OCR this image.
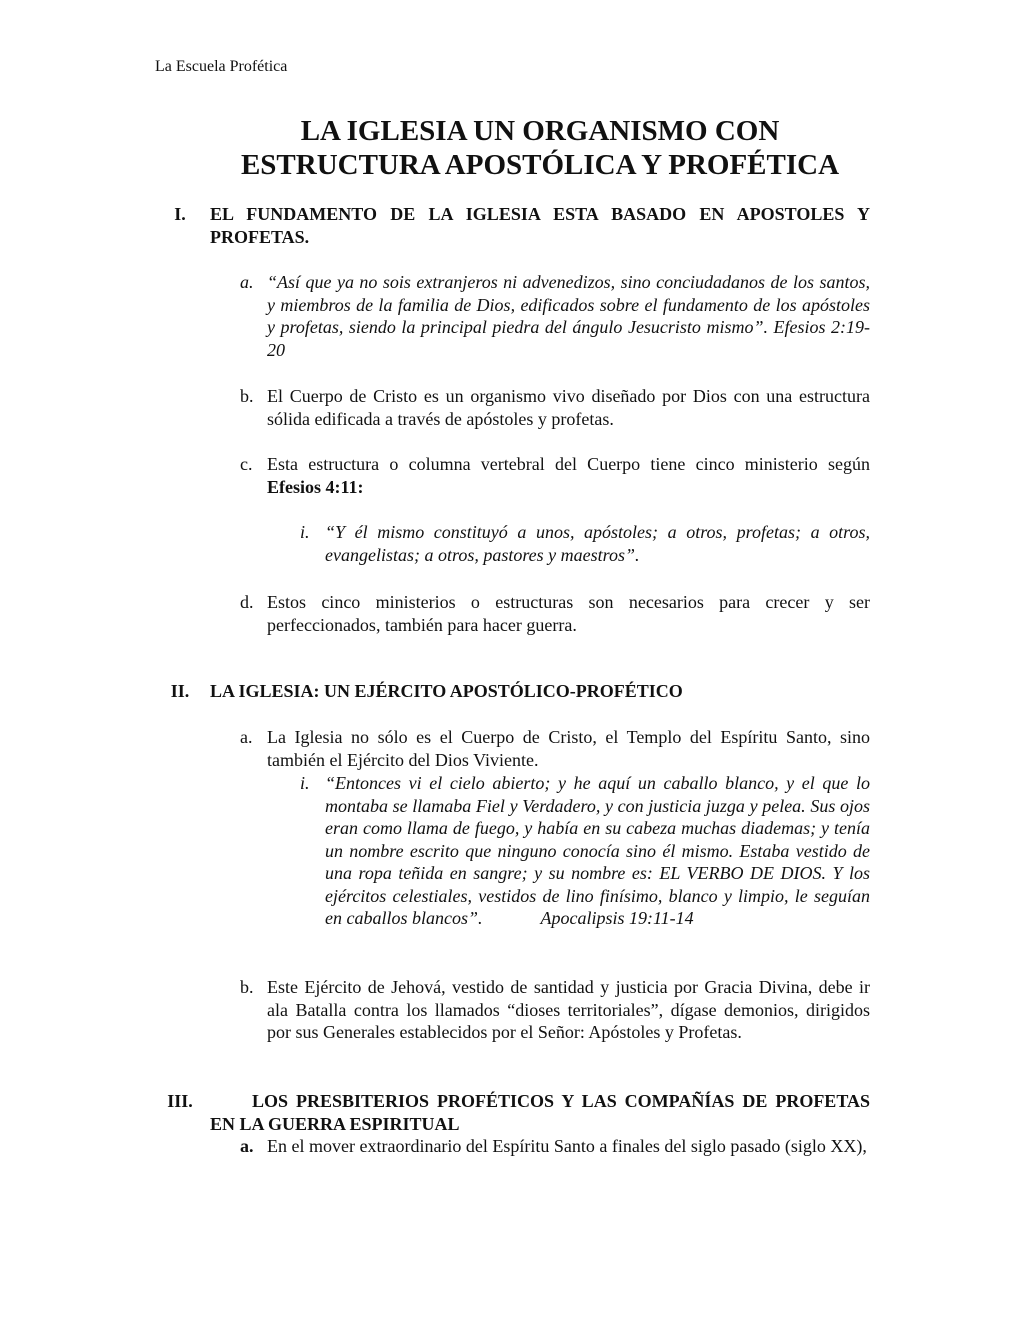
La Escuela Profética
LA IGLESIA UN ORGANISMO CON
ESTRUCTURA APOSTÓLICA Y PROFÉTICA
I.	EL FUNDAMENTO DE LA IGLESIA ESTA BASADO EN APOSTOLES Y PROFETAS.
a. “Así que ya no sois extranjeros ni advenedizos, sino conciudadanos de los santos, y miembros de la familia de Dios, edificados sobre el fundamento de los apóstoles y profetas, siendo la principal piedra del ángulo Jesucristo mismo”. Efesios 2:19-20
b. El Cuerpo de Cristo es un organismo vivo diseñado por Dios con una estructura sólida edificada a través de apóstoles y profetas.
c. Esta estructura o columna vertebral del Cuerpo tiene cinco ministerio según Efesios 4:11:
i. “Y él mismo constituyó a unos, apóstoles; a otros, profetas; a otros, evangelistas; a otros, pastores y maestros”.
d. Estos cinco ministerios o estructuras son necesarios para crecer y ser perfeccionados, también para hacer guerra.
II.	LA IGLESIA: UN EJÉRCITO APOSTÓLICO-PROFÉTICO
a. La Iglesia no sólo es el Cuerpo de Cristo, el Templo del Espíritu Santo, sino también el Ejército del Dios Viviente.
i. “Entonces vi el cielo abierto; y he aquí un caballo blanco, y el que lo montaba se llamaba Fiel y Verdadero, y con justicia juzga y pelea. Sus ojos eran como llama de fuego, y había en su cabeza muchas diademas; y tenía un nombre escrito que ninguno conocía sino él mismo. Estaba vestido de una ropa teñida en sangre; y su nombre es: EL VERBO DE DIOS. Y los ejércitos celestiales, vestidos de lino finísimo, blanco y limpio, le seguían en caballos blancos”.	Apocalipsis 19:11-14
b. Este Ejército de Jehová, vestido de santidad y justicia por Gracia Divina, debe ir ala Batalla contra los llamados “dioses territoriales”, dígase demonios, dirigidos por sus Generales establecidos por el Señor: Apóstoles y Profetas.
III.	LOS PRESBITERIOS PROFÉTICOS Y LAS COMPAÑÍAS DE PROFETAS EN LA GUERRA ESPIRITUAL
a. En el mover extraordinario del Espíritu Santo a finales del siglo pasado (siglo XX),
